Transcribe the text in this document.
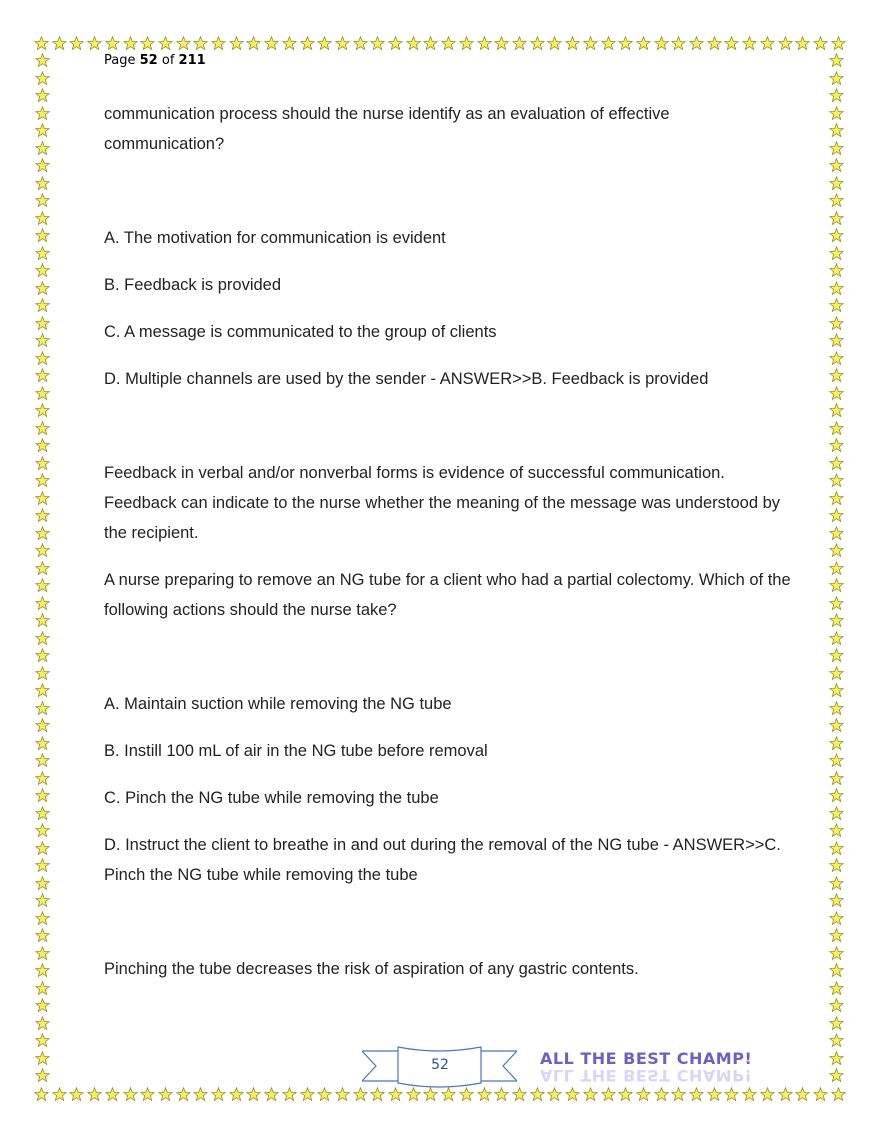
Page 52 of 211

communication process should the nurse identify as an evaluation of effective communication?

A. The motivation for communication is evident

B. Feedback is provided

C. A message is communicated to the group of clients

D. Multiple channels are used by the sender - ANSWER>>B. Feedback is provided

Feedback in verbal and/or nonverbal forms is evidence of successful communication. Feedback can indicate to the nurse whether the meaning of the message was understood by the recipient.

A nurse preparing to remove an NG tube for a client who had a partial colectomy. Which of the following actions should the nurse take?

A. Maintain suction while removing the NG tube

B. Instill 100 mL of air in the NG tube before removal

C. Pinch the NG tube while removing the tube

D. Instruct the client to breathe in and out during the removal of the NG tube - ANSWER>>C. Pinch the NG tube while removing the tube

Pinching the tube decreases the risk of aspiration of any gastric contents.

52	ALL THE BEST CHAMP!
ALL THE BEST CHAMP!
